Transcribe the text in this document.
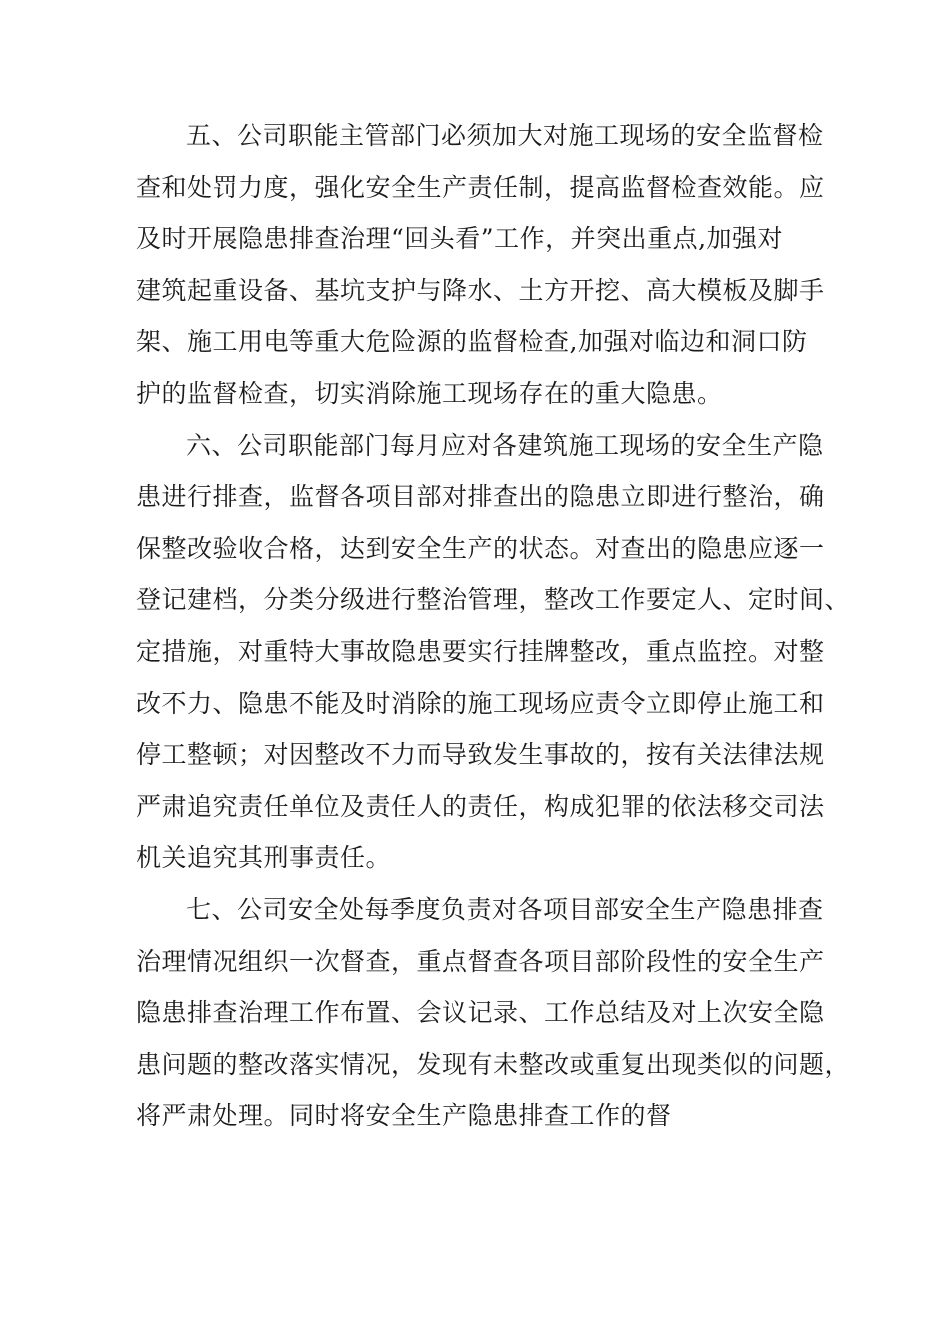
五、公司职能主管部门必须加大对施工现场的安全监督检
查和处罚力度，强化安全生产责任制，提高监督检查效能。应
及时开展隐患排查治理“回头看”工作，并突出重点,加强对
建筑起重设备、基坑支护与降水、土方开挖、高大模板及脚手
架、施工用电等重大危险源的监督检查,加强对临边和洞口防
护的监督检查，切实消除施工现场存在的重大隐患。
六、公司职能部门每月应对各建筑施工现场的安全生产隐
患进行排查，监督各项目部对排查出的隐患立即进行整治，确
保整改验收合格，达到安全生产的状态。对查出的隐患应逐一
登记建档，分类分级进行整治管理，整改工作要定人、定时间、
定措施，对重特大事故隐患要实行挂牌整改，重点监控。对整
改不力、隐患不能及时消除的施工现场应责令立即停止施工和
停工整顿；对因整改不力而导致发生事故的，按有关法律法规
严肃追究责任单位及责任人的责任，构成犯罪的依法移交司法
机关追究其刑事责任。
七、公司安全处每季度负责对各项目部安全生产隐患排查
治理情况组织一次督查，重点督查各项目部阶段性的安全生产
隐患排查治理工作布置、会议记录、工作总结及对上次安全隐
患问题的整改落实情况，发现有未整改或重复出现类似的问题，
将严肃处理。同时将安全生产隐患排查工作的督
